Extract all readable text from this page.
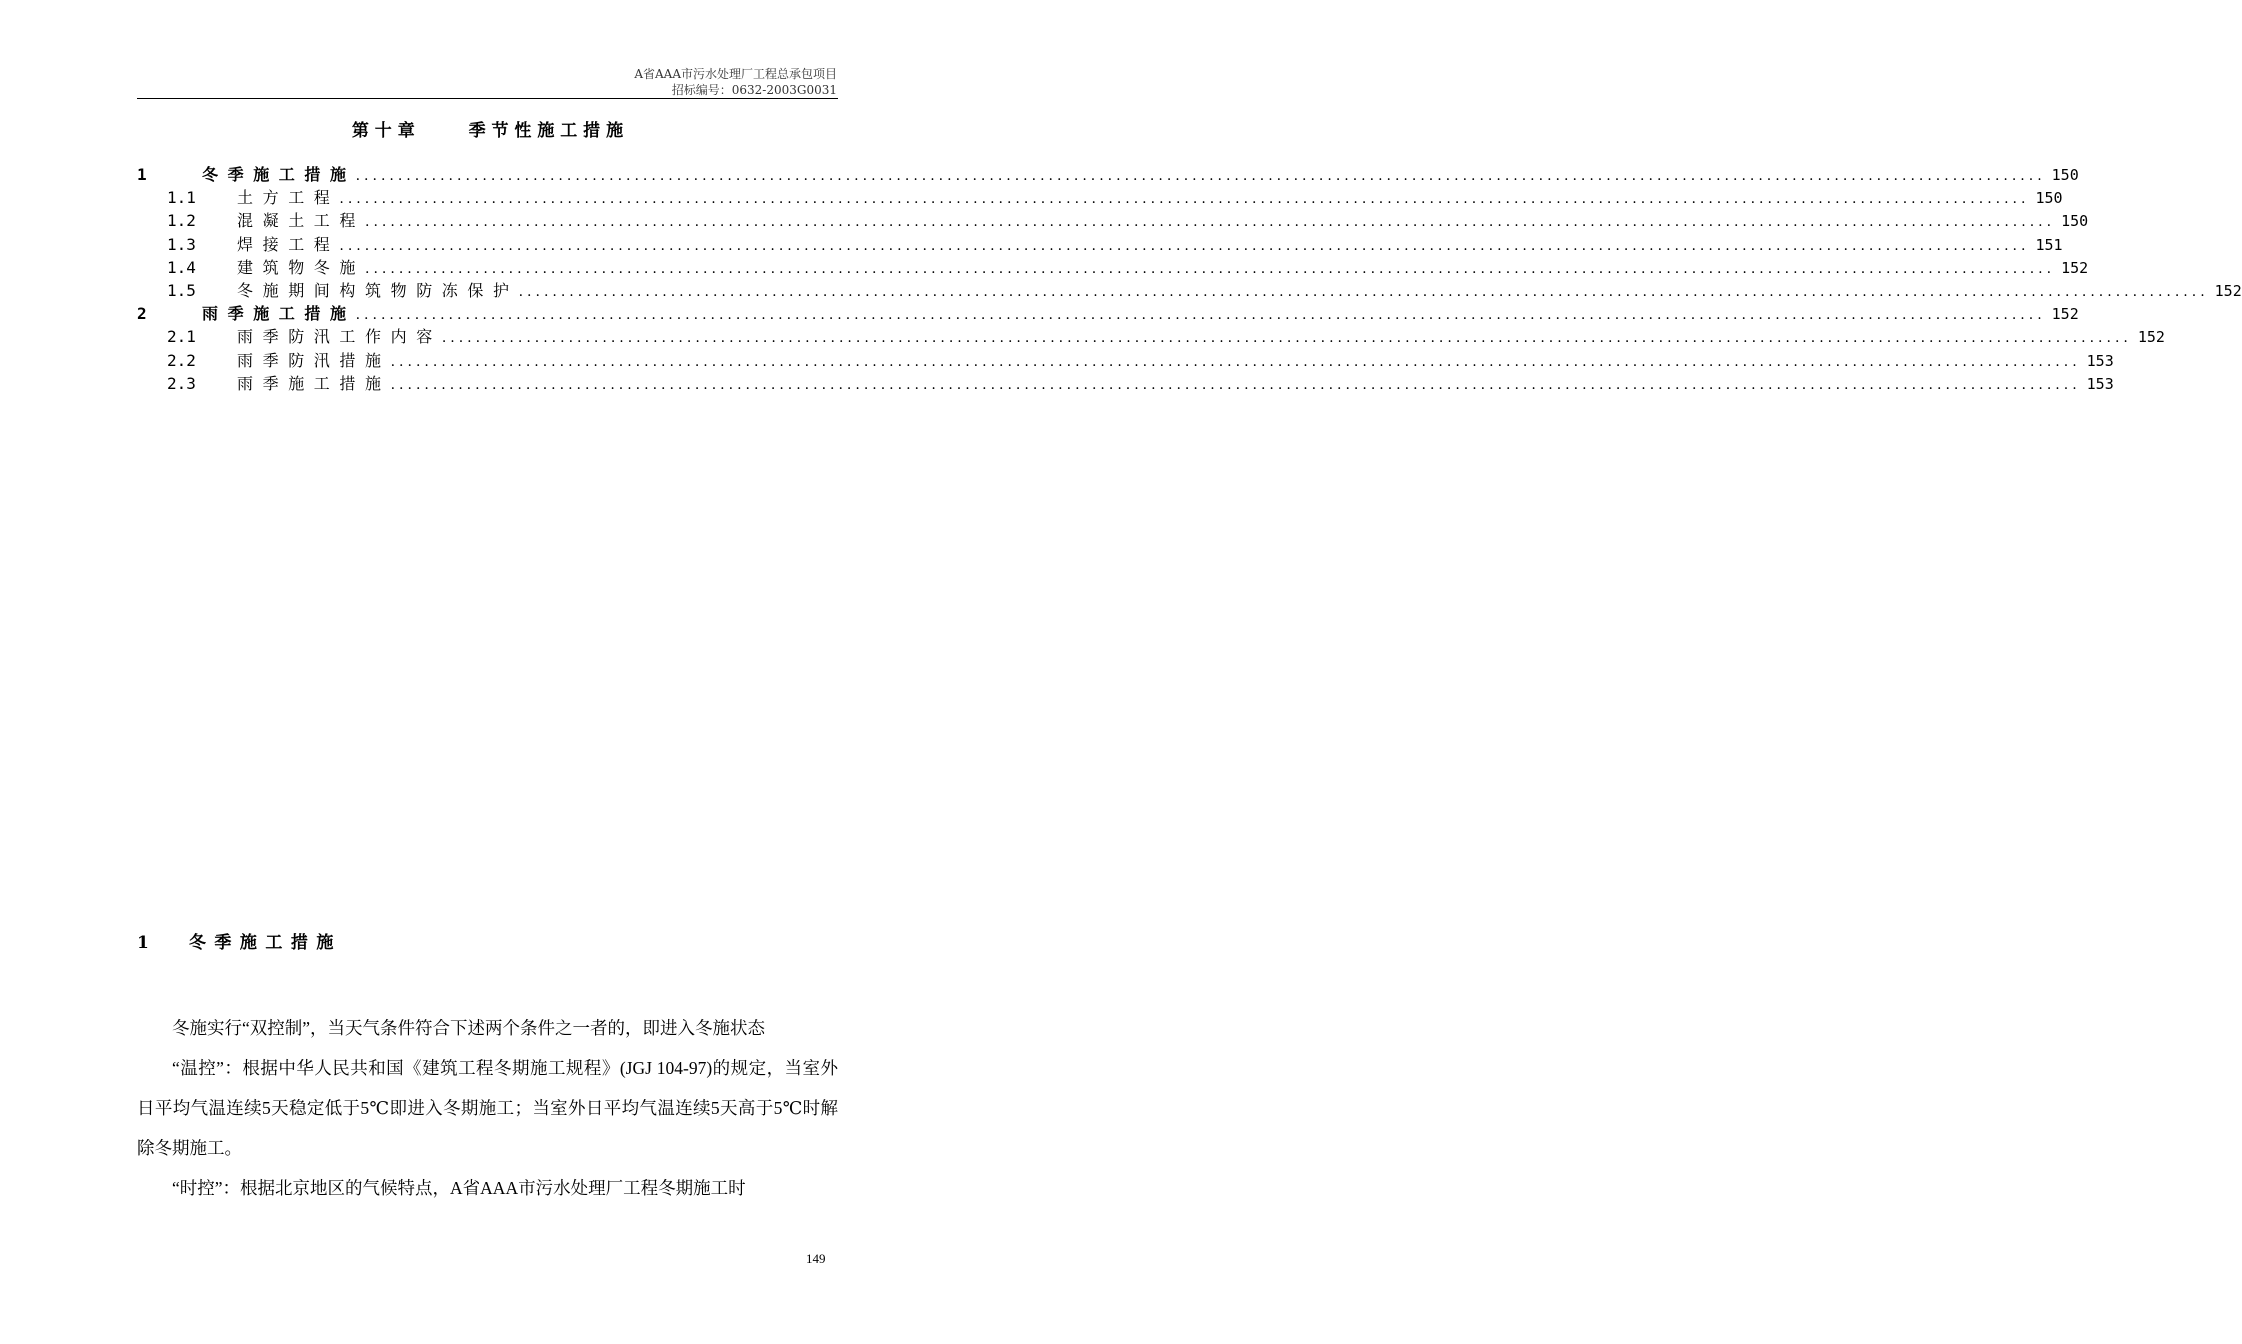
A省AAA市污水处理厂工程总承包项目
招标编号：0632-2003G0031
第 十 章	季 节 性 施 工 措 施
1	冬季施工措施 ........................................................................................................................................................................................................ 150
1.1	土方工程 ........................................................................................................................................................................................................ 150
1.2	混凝土工程 ........................................................................................................................................................................................................ 150
1.3	焊接工程 ........................................................................................................................................................................................................ 151
1.4	建筑物冬施 ........................................................................................................................................................................................................ 152
1.5	冬施期间构筑物防冻保护 ........................................................................................................................................................................................................ 152
2	雨季施工措施 ........................................................................................................................................................................................................ 152
2.1	雨季防汛工作内容 ........................................................................................................................................................................................................ 152
2.2	雨季防汛措施 ........................................................................................................................................................................................................ 153
2.3	雨季施工措施 ........................................................................................................................................................................................................ 153
1 冬季施工措施

冬施实行“双控制”，当天气条件符合下述两个条件之一者的，即进入冬施状态

“温控”：根据中华人民共和国《建筑工程冬期施工规程》(JGJ 104-97)的规定，当室外日平均气温连续5天稳定低于5℃即进入冬期施工；当室外日平均气温连续5天高于5℃时解除冬期施工。

“时控”：根据北京地区的气候特点，A省AAA市污水处理厂工程冬期施工时

149
